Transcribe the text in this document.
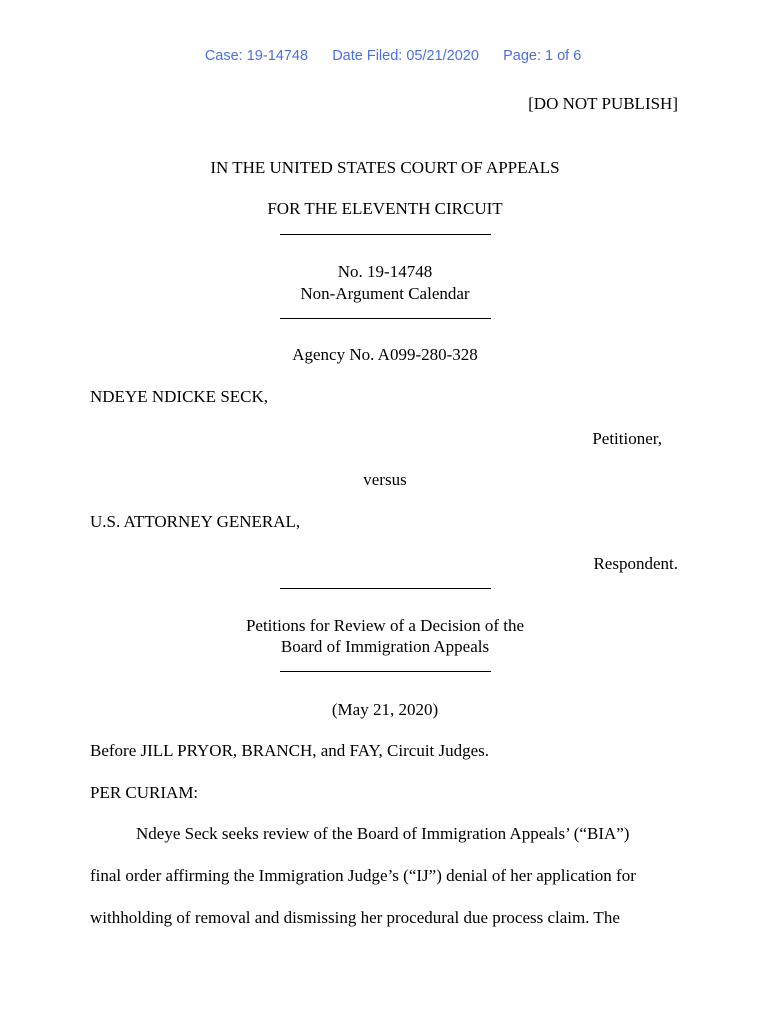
Case: 19-14748 Date Filed: 05/21/2020 Page: 1 of 6

[DO NOT PUBLISH]
IN THE UNITED STATES COURT OF APPEALS
FOR THE ELEVENTH CIRCUIT
No. 19-14748
Non-Argument Calendar
Agency No. A099-280-328
NDEYE NDICKE SECK,
Petitioner,
versus
U.S. ATTORNEY GENERAL,
Respondent.
Petitions for Review of a Decision of the
Board of Immigration Appeals
(May 21, 2020)
Before JILL PRYOR, BRANCH, and FAY, Circuit Judges.
PER CURIAM:
Ndeye Seck seeks review of the Board of Immigration Appeals’ (“BIA”)
final order affirming the Immigration Judge’s (“IJ”) denial of her application for
withholding of removal and dismissing her procedural due process claim. The
